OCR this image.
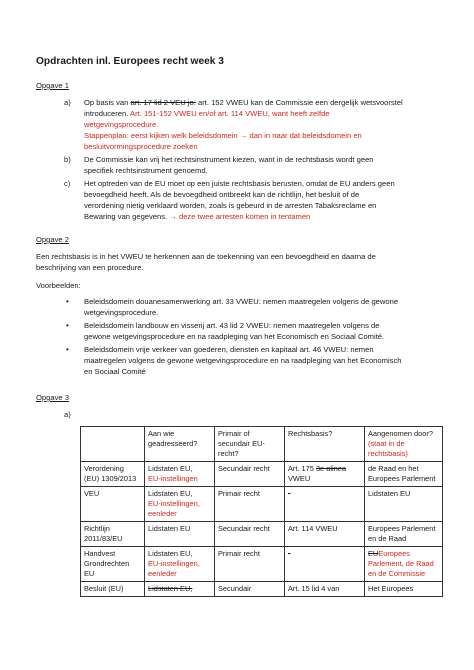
Opdrachten inl. Europees recht week 3
Opgave 1
a) Op basis van art. 17 lid 2 VEU jo. art. 152 VWEU kan de Commissie een dergelijk wetsvoorstel
introduceren. Art. 151-152 VWEU en/of art. 114 VWEU, want heeft zelfde
wetgevingsprocedure.
Stappenplan: eerst kijken welk beleidsdomein → dan in naar dat beleidsdomein en
besluitvormingsprocedure zoeken
b) De Commissie kan vrij het rechtsinstrument kiezen, want in de rechtsbasis wordt geen
specifiek rechtsinstrument genoemd.
c) Het optreden van de EU moet op een juiste rechtsbasis berusten, omdat de EU anders geen
bevoegdheid heeft. Als de bevoegdheid ontbreekt kan de richtlijn, het besluit of de
verordening nietig verklaard worden, zoals is gebeurd in de arresten Tabaksreclame en
Bewaring van gegevens. → deze twee arresten komen in tentamen
Opgave 2
Een rechtsbasis is in het VWEU te herkennen aan de toekenning van een bevoegdheid en daarna de
beschrijving van een procedure.
Voorbeelden:
• Beleidsdomein douanesamenwerking art. 33 VWEU: nemen maatregelen volgens de gewone
wetgevingsprocedure.
• Beleidsdomein landbouw en visserij art. 43 lid 2 VWEU: nemen maatregelen volgens de
gewone wetgevingsprocedure en na raadpleging van het Economisch en Sociaal Comité.
• Beleidsdomein vrije verkeer van goederen, diensten en kapitaal art. 46 VWEU: nemen
maatregelen volgens de gewone wetgevingsprocedure en na raadpleging van het Economisch
en Sociaal Comité
Opgave 3
a)
	Aan wie geadresseerd?	Primair of secundair EU-recht?	Rechtsbasis?	Aangenomen door? (staat in de rechtsbasis)
Verordening (EU) 1309/2013	Lidstaten EU,
EU-instellingen	Secundair recht	Art. 175 3e alinea VWEU	de Raad en het Europees Parlement
VEU	Lidstaten EU,
EU-instellingen, eenleder	Primair recht	-	Lidstaten EU
Richtlijn 2011/83/EU	Lidstaten EU	Secundair recht	Art. 114 VWEU	Europees Parlement en de Raad
Handvest Grondrechten EU	Lidstaten EU,
EU-instellingen, eenleder	Primair recht	-	EUEuropees Parlement, de Raad en de Commissie
Besluit (EU)	Lidstaten EU,	Secundair	Art. 15 lid 4 van	Het Europees
